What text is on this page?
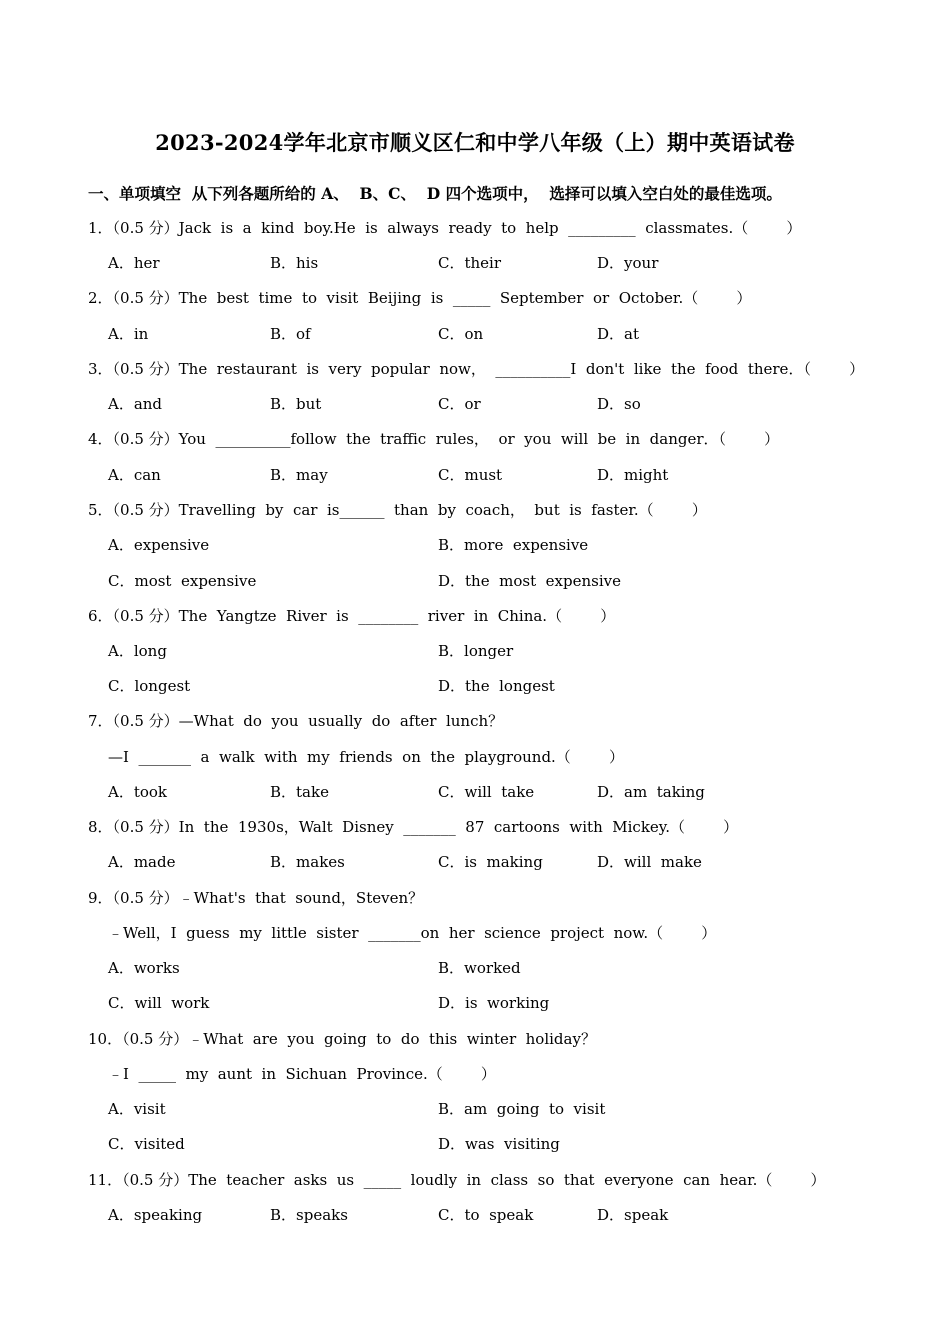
2023-2024学年北京市顺义区仁和中学八年级（上）期中英语试卷
一、单项填空  从下列各题所给的 A、  B、C、  D 四个选项中，  选择可以填入空白处的最佳选项。
1．（0.5 分）Jack  is  a  kind  boy.He  is  always  ready  to  help  _________  classmates.（        ）
A．her	B．his	C．their	D．your
2．（0.5 分）The  best  time  to  visit  Beijing  is  _____  September  or  October.（        ）
A．in	B．of	C．on	D．at
3．（0.5 分）The  restaurant  is  very  popular  now，  __________I  don't  like  the  food  there．（        ）
A．and	B．but	C．or	D．so
4．（0.5 分）You  __________follow  the  traffic  rules，  or  you  will  be  in  danger．（        ）
A．can	B．may	C．must	D．might
5．（0.5 分）Travelling  by  car  is______  than  by  coach，  but  is  faster.（        ）
A．expensive	B．more  expensive
C．most  expensive	D．the  most  expensive
6．（0.5 分）The  Yangtze  River  is  ________  river  in  China.（        ）
A．long	B．longer
C．longest	D．the  longest
7．（0.5 分）—What  do  you  usually  do  after  lunch？
—I  _______  a  walk  with  my  friends  on  the  playground.（        ）
A．took	B．take	C．will  take	D．am  taking
8．（0.5 分）In  the  1930s，Walt  Disney  _______  87  cartoons  with  Mickey.（        ）
A．made	B．makes	C．is  making	D．will  make
9．（0.5 分）﹣What's  that  sound，Steven？
﹣Well，I  guess  my  little  sister  _______on  her  science  project  now.（        ）
A．works	B．worked
C．will  work	D．is  working
10．（0.5 分）﹣What  are  you  going  to  do  this  winter  holiday？
﹣I  _____  my  aunt  in  Sichuan  Province.（        ）
A．visit	B．am  going  to  visit
C．visited	D．was  visiting
11．（0.5 分）The  teacher  asks  us  _____  loudly  in  class  so  that  everyone  can  hear.（        ）
A．speaking	B．speaks	C．to  speak	D．speak
